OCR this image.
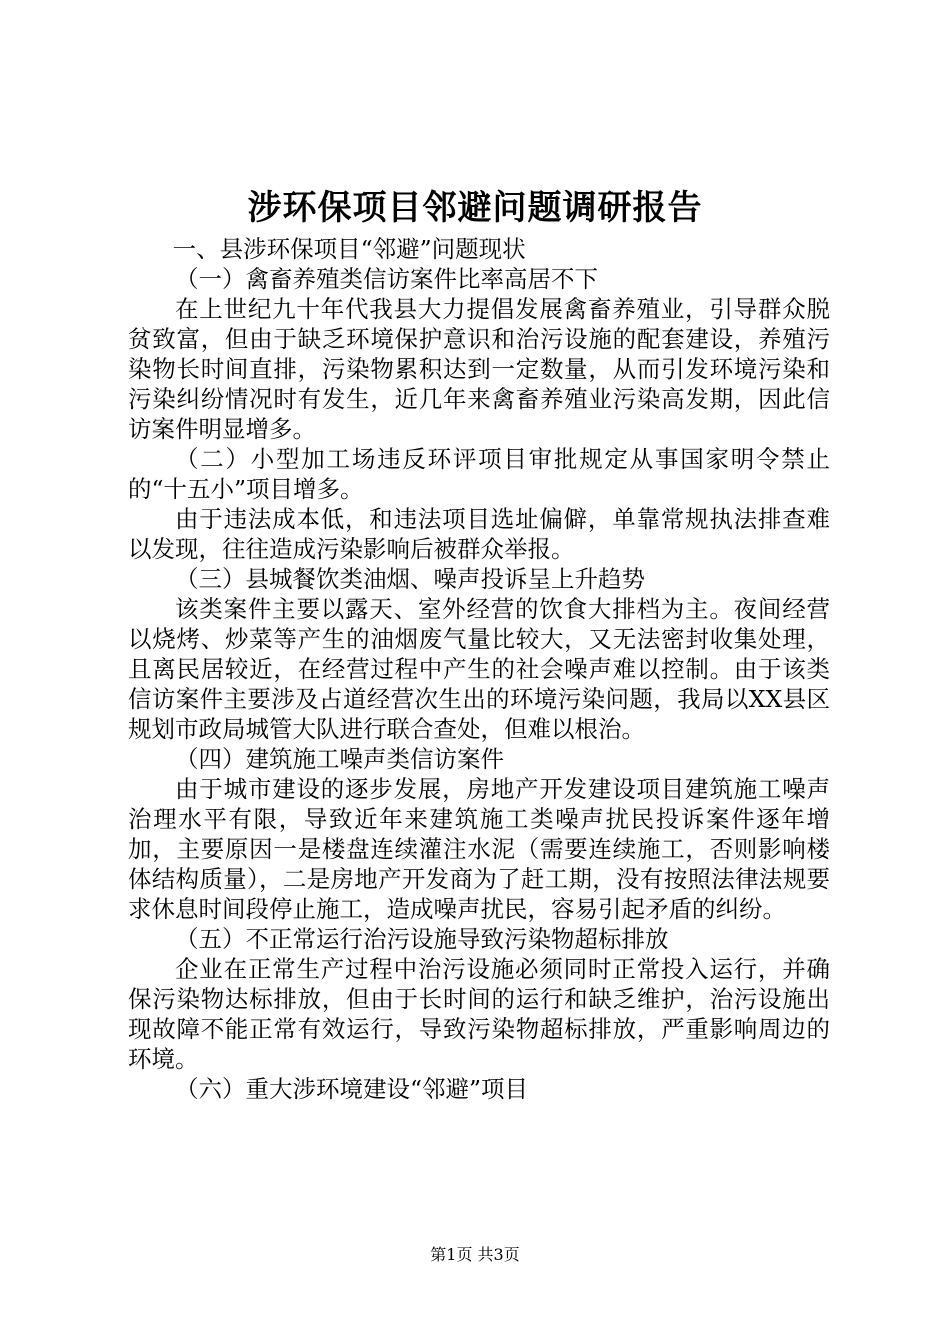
涉环保项目邻避问题调研报告

一、县涉环保项目“邻避”问题现状

（一）禽畜养殖类信访案件比率高居不下

在上世纪九十年代我县大力提倡发展禽畜养殖业，引导群众脱贫致富，但由于缺乏环境保护意识和治污设施的配套建设，养殖污染物长时间直排，污染物累积达到一定数量，从而引发环境污染和污染纠纷情况时有发生，近几年来禽畜养殖业污染高发期，因此信访案件明显增多。

（二）小型加工场违反环评项目审批规定从事国家明令禁止的“十五小”项目增多。

由于违法成本低，和违法项目选址偏僻，单靠常规执法排查难以发现，往往造成污染影响后被群众举报。

（三）县城餐饮类油烟、噪声投诉呈上升趋势

该类案件主要以露天、室外经营的饮食大排档为主。夜间经营以烧烤、炒菜等产生的油烟废气量比较大，又无法密封收集处理，且离民居较近，在经营过程中产生的社会噪声难以控制。由于该类信访案件主要涉及占道经营次生出的环境污染问题，我局以XX县区规划市政局城管大队进行联合查处，但难以根治。

（四）建筑施工噪声类信访案件

由于城市建设的逐步发展，房地产开发建设项目建筑施工噪声治理水平有限，导致近年来建筑施工类噪声扰民投诉案件逐年增加，主要原因一是楼盘连续灌注水泥（需要连续施工，否则影响楼体结构质量），二是房地产开发商为了赶工期，没有按照法律法规要求休息时间段停止施工，造成噪声扰民，容易引起矛盾的纠纷。

（五）不正常运行治污设施导致污染物超标排放

企业在正常生产过程中治污设施必须同时正常投入运行，并确保污染物达标排放，但由于长时间的运行和缺乏维护，治污设施出现故障不能正常有效运行，导致污染物超标排放，严重影响周边的环境。

（六）重大涉环境建设“邻避”项目

第1页 共3页
